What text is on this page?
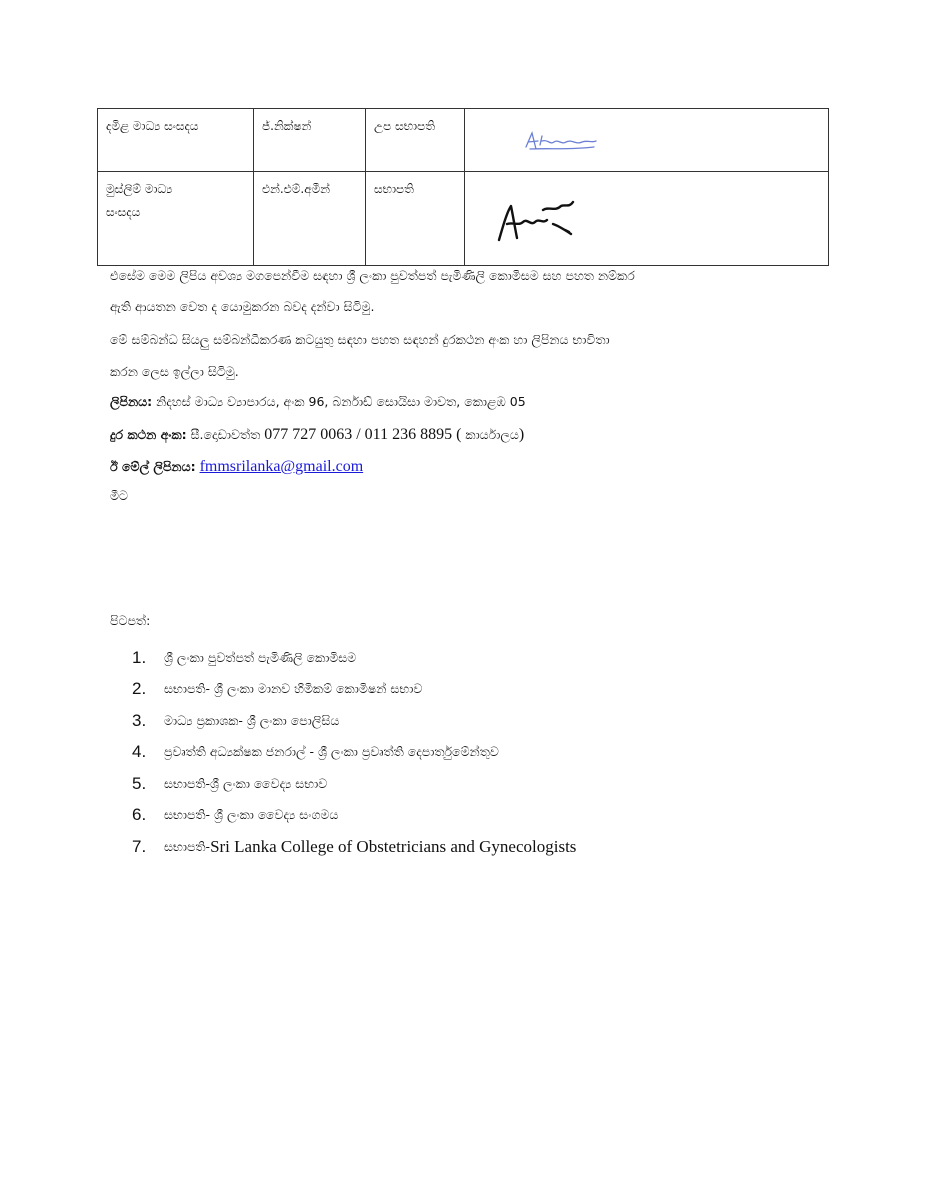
දමිළ මාධ්‍ය සංසදය	ජ්.නික්ෂන්	උප සභාපති	

මුස්ලිම් මාධ්‍ය
සංසදය	එන්.එම්.අමීන්	සභාපති	
එසේම මෙම ලිපිය අවශ්‍ය මගපෙන්වීම සඳහා ශ්‍රී ලංකා පුවත්පත් පැමිණිලි කොමිසම සහ පහත නම්කර
ඇති ආයතන වෙත ද යොමුකරන බවද දන්වා සිටිමු.
මේ සම්බන්ධ සියලු සම්බන්ධීකරණ කටයුතු සඳහා පහත සඳහන් දුරකථන අංක හා ලිපිනය භාවිතා
කරන ලෙස ඉල්ලා සිටිමු.
ලිපිනය: නිදහස් මාධ්‍ය ව්‍යාපාරය, අංක 96, බර්නාඩ් සොයිසා මාවත, කොළඹ 05
දුර කථන අංක: සී.දොඩාවත්ත 077 727 0063 / 011 236 8895 ( කාර්යාලය)
ඊ මේල් ලිපිනය: fmmsrilanka@gmail.com
මීට
පිටපත්:
1.	ශ්‍රී ලංකා පුවත්පත් පැමිණිලි කොමිසම
2.	සභාපති- ශ්‍රී ලංකා මානව හිමිකම් කොමිෂන් සභාව
3.	මාධ්‍ය ප්‍රකාශක- ශ්‍රී ලංකා පොලිසිය
4.	ප්‍රවෘත්ති අධ්‍යක්ෂක ජනරාල් - ශ්‍රී ලංකා ප්‍රවෘත්ති දෙපාර්තුමේන්තුව
5.	සභාපති-ශ්‍රී ලංකා වෛද්‍ය සභාව
6.	සභාපති- ශ්‍රී ලංකා වෛද්‍ය සංගමය
7.	සභාපති- Sri Lanka College of Obstetricians and Gynecologists
